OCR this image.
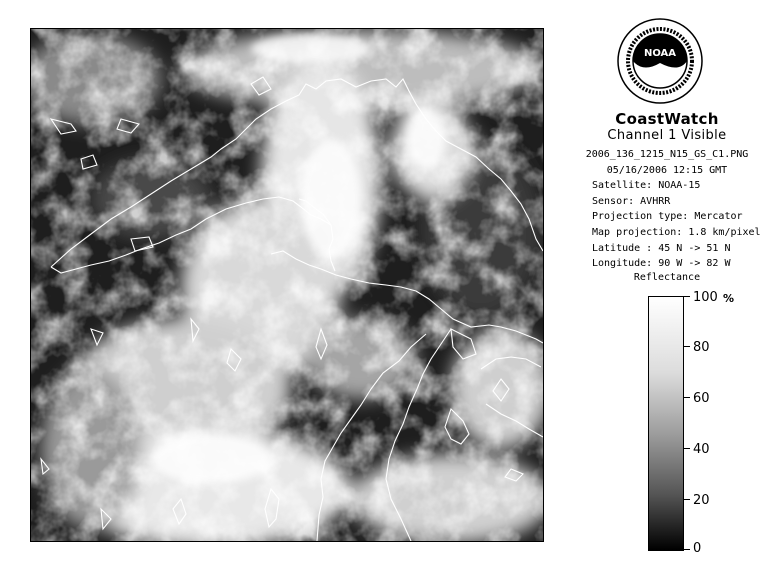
NOAA
CoastWatch
Channel 1 Visible
2006_136_1215_N15_GS_C1.PNG
05/16/2006 12:15 GMT
Satellite: NOAA-15
Sensor: AVHRR
Projection type: Mercator
Map projection: 1.8 km/pixel
Latitude : 45 N -> 51 N
Longitude: 90 W -> 82 W
Reflectance
%
100
80
60
40
20
0
